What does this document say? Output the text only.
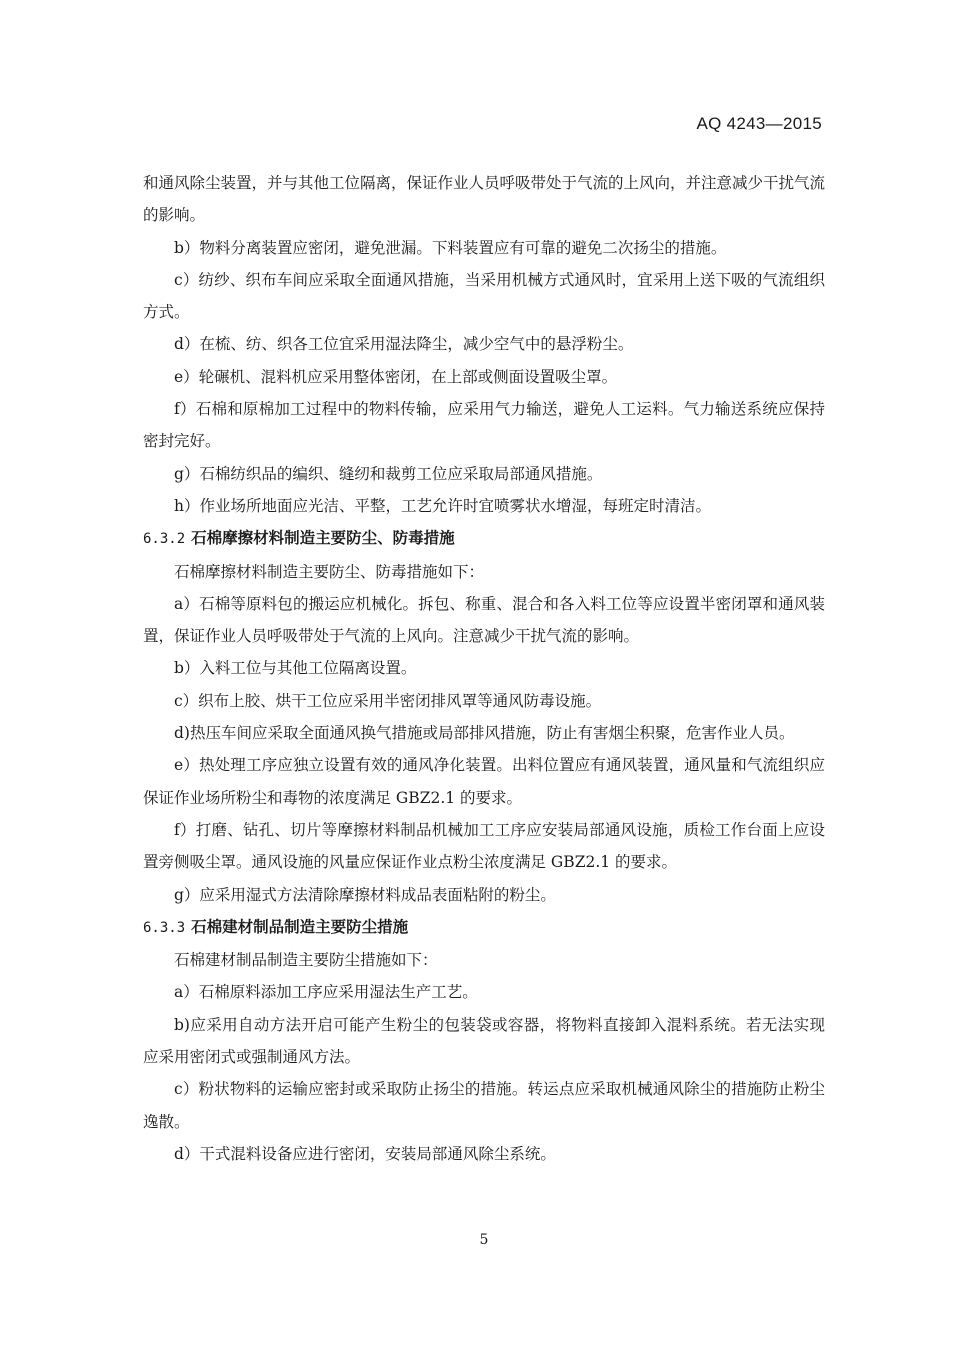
AQ 4243—2015

和通风除尘装置，并与其他工位隔离，保证作业人员呼吸带处于气流的上风向，并注意减少干扰气流的影响。

b）物料分离装置应密闭，避免泄漏。下料装置应有可靠的避免二次扬尘的措施。

c）纺纱、织布车间应采取全面通风措施，当采用机械方式通风时，宜采用上送下吸的气流组织方式。

d）在梳、纺、织各工位宜采用湿法降尘，减少空气中的悬浮粉尘。

e）轮碾机、混料机应采用整体密闭，在上部或侧面设置吸尘罩。

f）石棉和原棉加工过程中的物料传输，应采用气力输送，避免人工运料。气力输送系统应保持密封完好。

g）石棉纺织品的编织、缝纫和裁剪工位应采取局部通风措施。

h）作业场所地面应光洁、平整，工艺允许时宜喷雾状水增湿，每班定时清洁。

6.3.2 石棉摩擦材料制造主要防尘、防毒措施

石棉摩擦材料制造主要防尘、防毒措施如下：

a）石棉等原料包的搬运应机械化。拆包、称重、混合和各入料工位等应设置半密闭罩和通风装置，保证作业人员呼吸带处于气流的上风向。注意减少干扰气流的影响。

b）入料工位与其他工位隔离设置。

c）织布上胶、烘干工位应采用半密闭排风罩等通风防毒设施。

d)热压车间应采取全面通风换气措施或局部排风措施，防止有害烟尘积聚，危害作业人员。

e）热处理工序应独立设置有效的通风净化装置。出料位置应有通风装置，通风量和气流组织应保证作业场所粉尘和毒物的浓度满足 GBZ2.1 的要求。

f）打磨、钻孔、切片等摩擦材料制品机械加工工序应安装局部通风设施，质检工作台面上应设置旁侧吸尘罩。通风设施的风量应保证作业点粉尘浓度满足 GBZ2.1 的要求。

g）应采用湿式方法清除摩擦材料成品表面粘附的粉尘。

6.3.3 石棉建材制品制造主要防尘措施

石棉建材制品制造主要防尘措施如下：

a）石棉原料添加工序应采用湿法生产工艺。

b)应采用自动方法开启可能产生粉尘的包装袋或容器，将物料直接卸入混料系统。若无法实现应采用密闭式或强制通风方法。

c）粉状物料的运输应密封或采取防止扬尘的措施。转运点应采取机械通风除尘的措施防止粉尘逸散。

d）干式混料设备应进行密闭，安装局部通风除尘系统。

5
